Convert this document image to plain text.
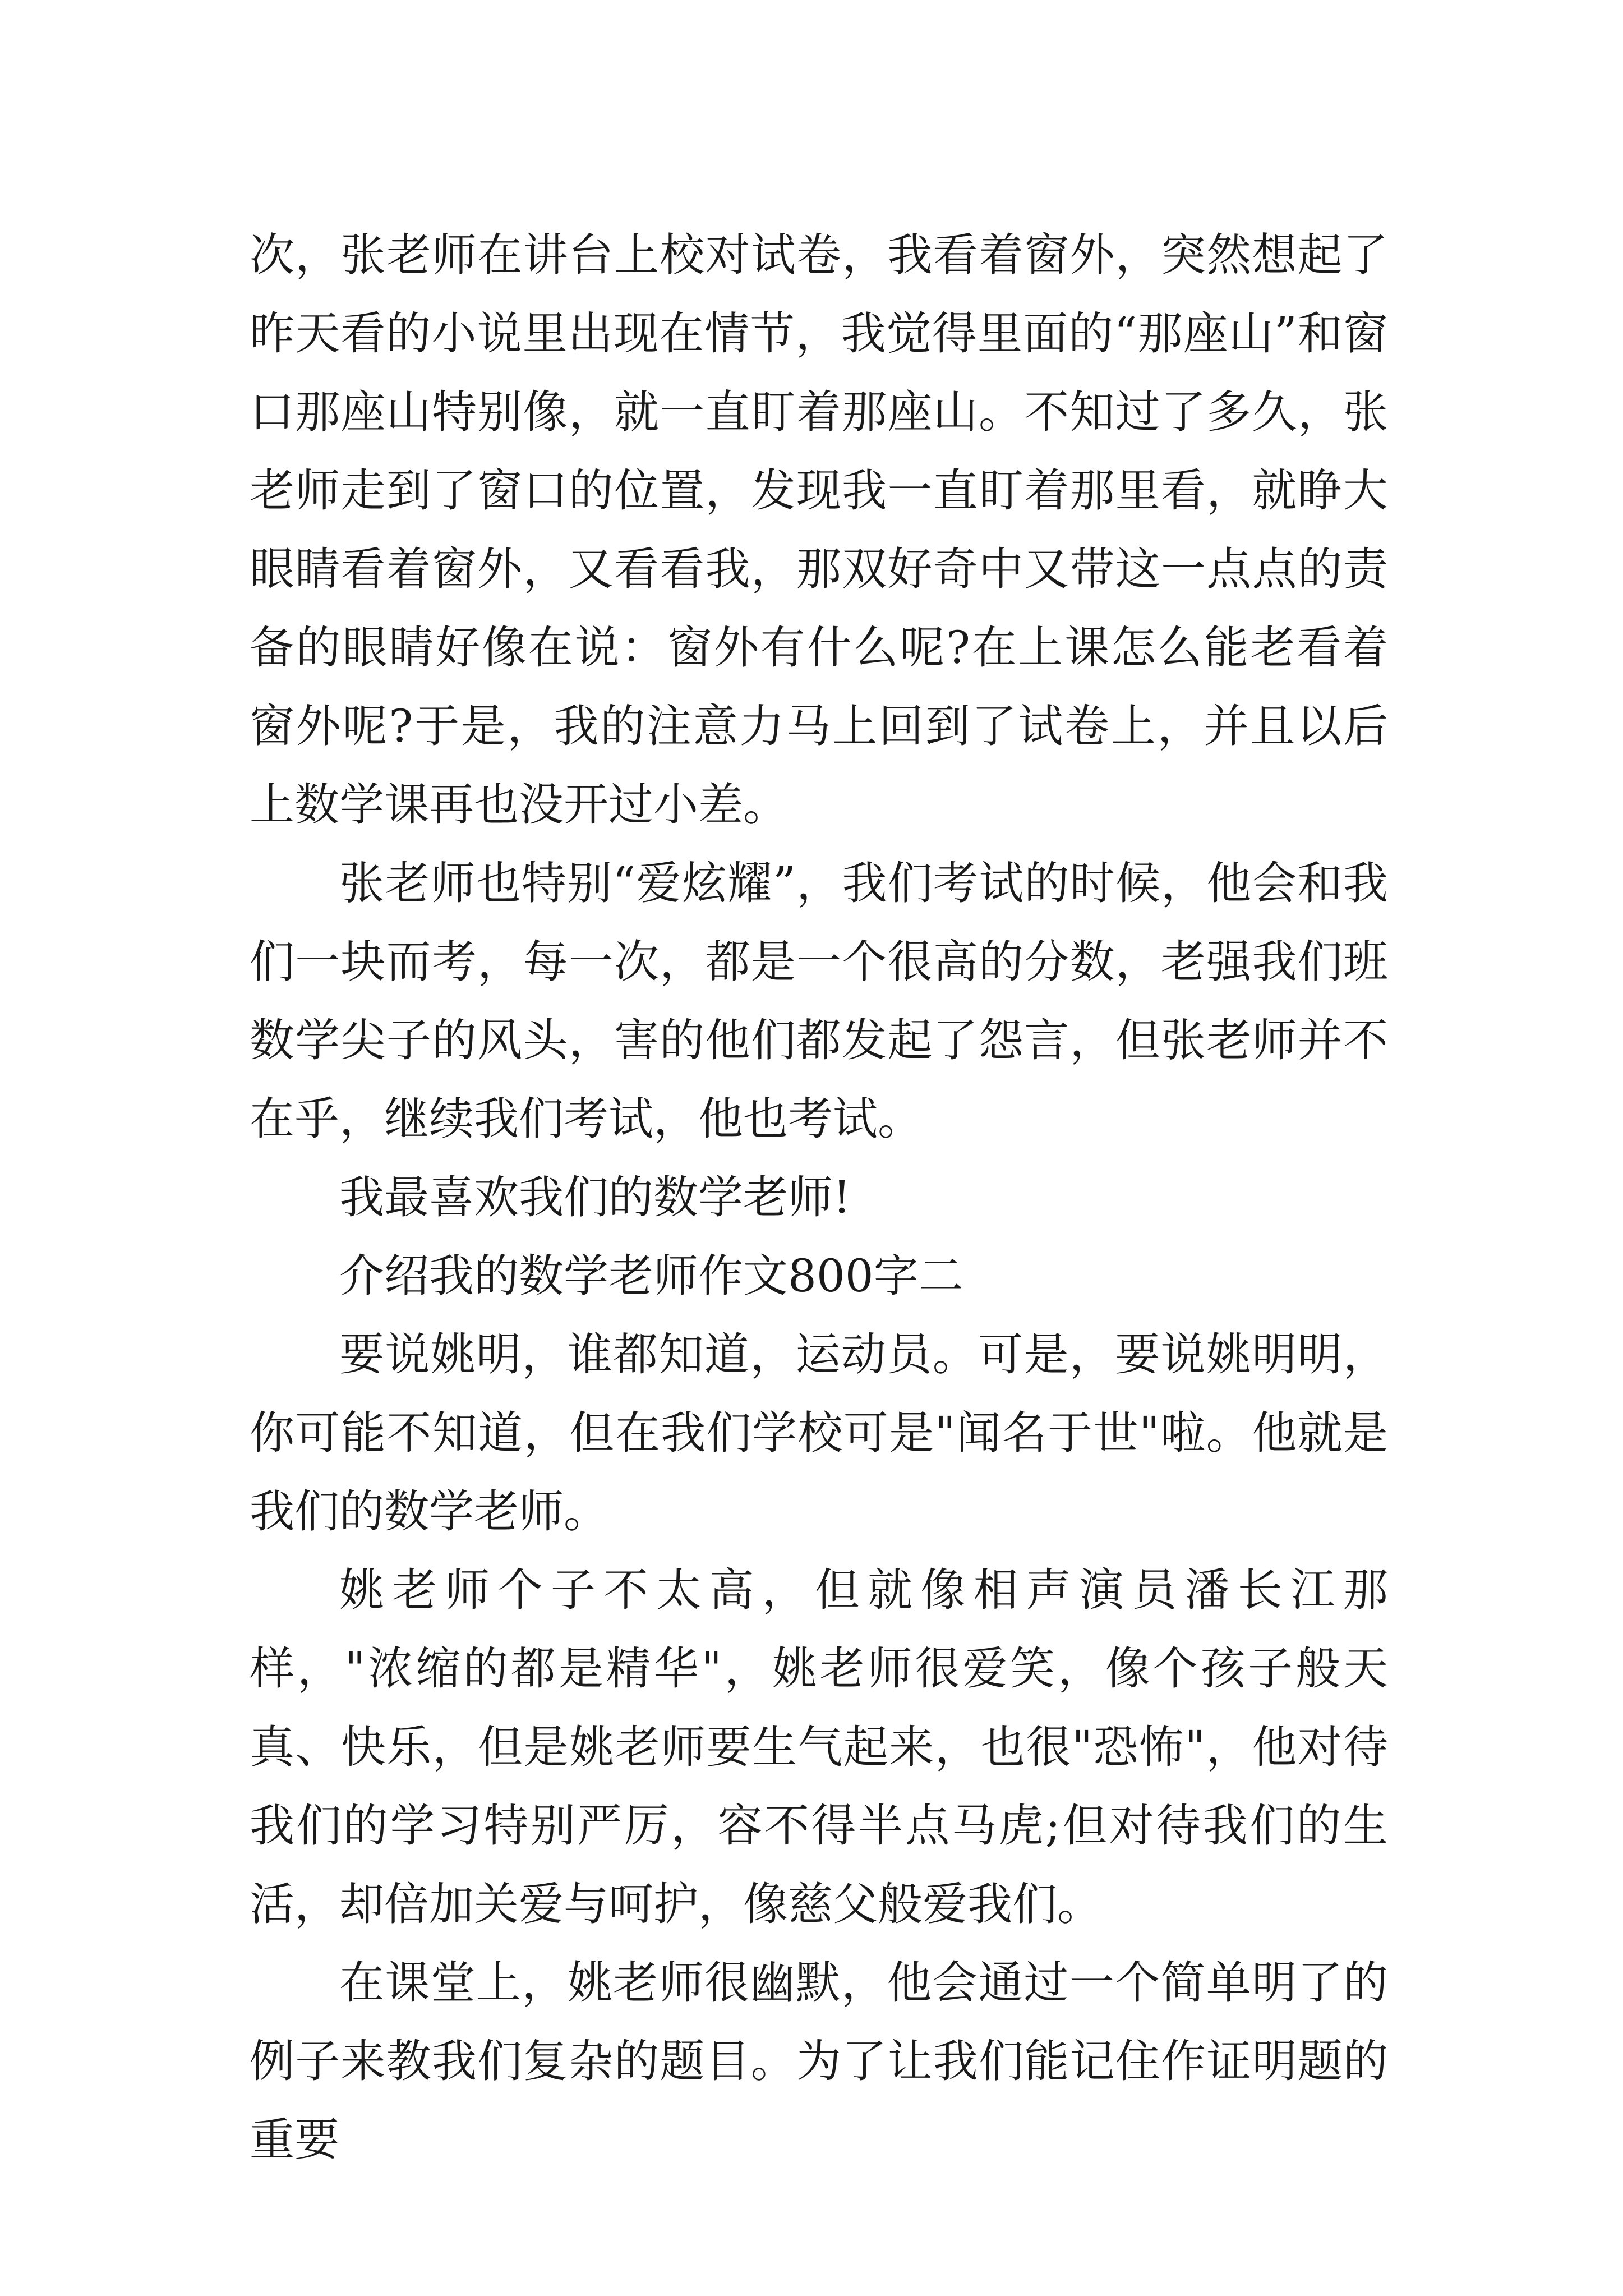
次，张老师在讲台上校对试卷，我看着窗外，突然想起了昨天看的小说里出现在情节，我觉得里面的“那座山”和窗口那座山特别像，就一直盯着那座山。不知过了多久，张老师走到了窗口的位置，发现我一直盯着那里看，就睁大眼睛看着窗外，又看看我，那双好奇中又带这一点点的责备的眼睛好像在说：窗外有什么呢?在上课怎么能老看着窗外呢?于是，我的注意力马上回到了试卷上，并且以后上数学课再也没开过小差。

张老师也特别“爱炫耀”，我们考试的时候，他会和我们一块而考，每一次，都是一个很高的分数，老强我们班数学尖子的风头，害的他们都发起了怨言，但张老师并不在乎，继续我们考试，他也考试。

我最喜欢我们的数学老师!

介绍我的数学老师作文800字二

要说姚明，谁都知道，运动员。可是，要说姚明明，你可能不知道，但在我们学校可是"闻名于世"啦。他就是我们的数学老师。

姚老师个子不太高，但就像相声演员潘长江那样，"浓缩的都是精华"，姚老师很爱笑，像个孩子般天真、快乐，但是姚老师要生气起来，也很"恐怖"，他对待我们的学习特别严厉，容不得半点马虎;但对待我们的生活，却倍加关爱与呵护，像慈父般爱我们。

在课堂上，姚老师很幽默，他会通过一个简单明了的例子来教我们复杂的题目。为了让我们能记住作证明题的重要
